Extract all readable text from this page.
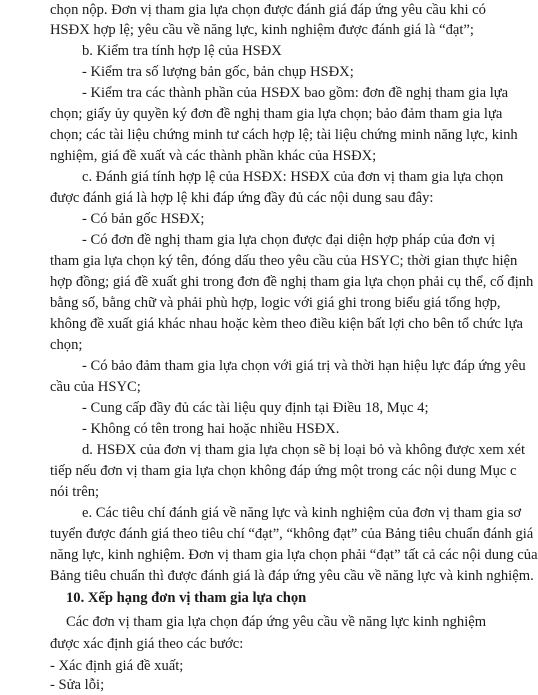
chọn nộp. Đơn vị tham gia lựa chọn được đánh giá đáp ứng yêu cầu khi có
HSĐX hợp lệ; yêu cầu về năng lực, kinh nghiệm được đánh giá là “đạt”;
b. Kiểm tra tính hợp lệ của HSĐX
- Kiểm tra số lượng bản gốc, bản chụp HSĐX;
- Kiểm tra các thành phần của HSĐX bao gồm: đơn đề nghị tham gia lựa
chọn; giấy ủy quyền ký đơn đề nghị tham gia lựa chọn; bảo đảm tham gia lựa
chọn; các tài liệu chứng minh tư cách hợp lệ; tài liệu chứng minh năng lực, kinh
nghiệm, giá đề xuất và các thành phần khác của HSĐX;
c. Đánh giá tính hợp lệ của HSĐX: HSĐX của đơn vị tham gia lựa chọn
được đánh giá là hợp lệ khi đáp ứng đầy đủ các nội dung sau đây:
- Có bản gốc HSĐX;
- Có đơn đề nghị tham gia lựa chọn được đại diện hợp pháp của đơn vị
tham gia lựa chọn ký tên, đóng dấu theo yêu cầu của HSYC; thời gian thực hiện
hợp đồng; giá đề xuất ghi trong đơn đề nghị tham gia lựa chọn phải cụ thể, cố định
bằng số, bằng chữ và phải phù hợp, logic với giá ghi trong biểu giá tổng hợp,
không đề xuất giá khác nhau hoặc kèm theo điều kiện bất lợi cho bên tổ chức lựa
chọn;
- Có bảo đảm tham gia lựa chọn với giá trị và thời hạn hiệu lực đáp ứng yêu
cầu của HSYC;
- Cung cấp đầy đủ các tài liệu quy định tại Điều 18, Mục 4;
- Không có tên trong hai hoặc nhiều HSĐX.
d. HSĐX của đơn vị tham gia lựa chọn sẽ bị loại bỏ và không được xem xét
tiếp nếu đơn vị tham gia lựa chọn không đáp ứng một trong các nội dung Mục c
nói trên;
e. Các tiêu chí đánh giá về năng lực và kinh nghiệm của đơn vị tham gia sơ
tuyển được đánh giá theo tiêu chí “đạt”, “không đạt” của Bảng tiêu chuẩn đánh giá
năng lực, kinh nghiệm. Đơn vị tham gia lựa chọn phải “đạt” tất cả các nội dung của
Bảng tiêu chuẩn thì được đánh giá là đáp ứng yêu cầu về năng lực và kinh nghiệm.
10. Xếp hạng đơn vị tham gia lựa chọn
Các đơn vị tham gia lựa chọn đáp ứng yêu cầu về năng lực kinh nghiệm
được xác định giá theo các bước:
- Xác định giá đề xuất;
- Sửa lỗi;
